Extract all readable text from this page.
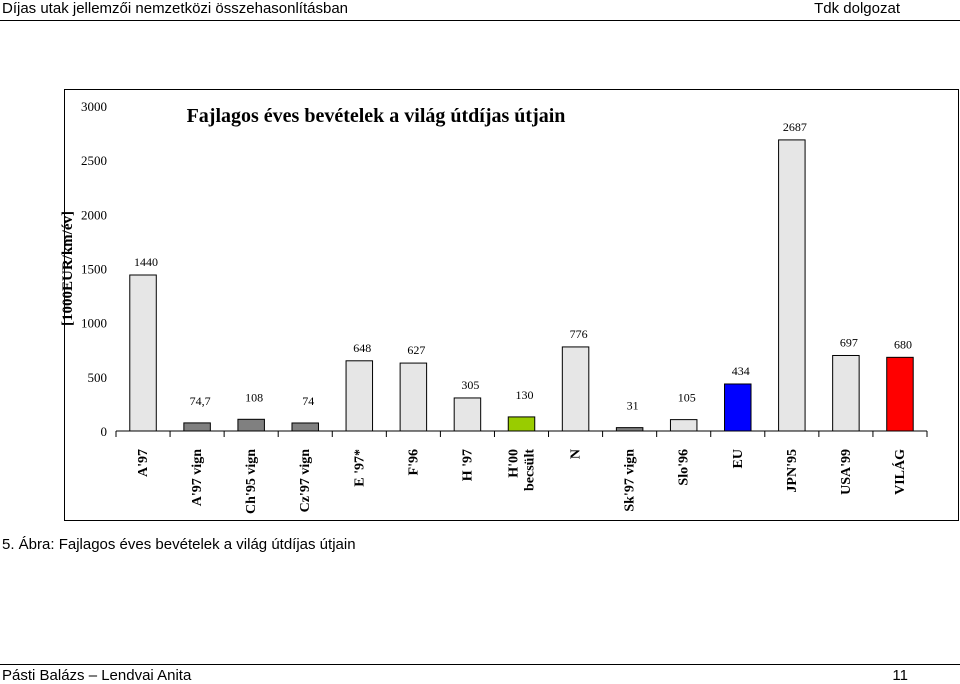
Díjas utak jellemzői nemzetközi összehasonlításban	Tdk dolgozat
Fajlagos éves bevételek a világ útdíjas útjain
[1000EUR/km/év]
0
500
1000
1500
2000
2500
3000
1440
A'97
74,7
A'97 vign
108
Ch'95 vign
74
Cz'97 vign
648
E '97*
627
F'96
305
H '97
130
H'00 becsült
776
N
31
Sk'97 vign
105
Slo'96
434
EU
2687
JPN'95
697
USA'99
680
VILÁG
5. Ábra: Fajlagos éves bevételek a világ útdíjas útjain
Pásti Balázs – Lendvai Anita	11
